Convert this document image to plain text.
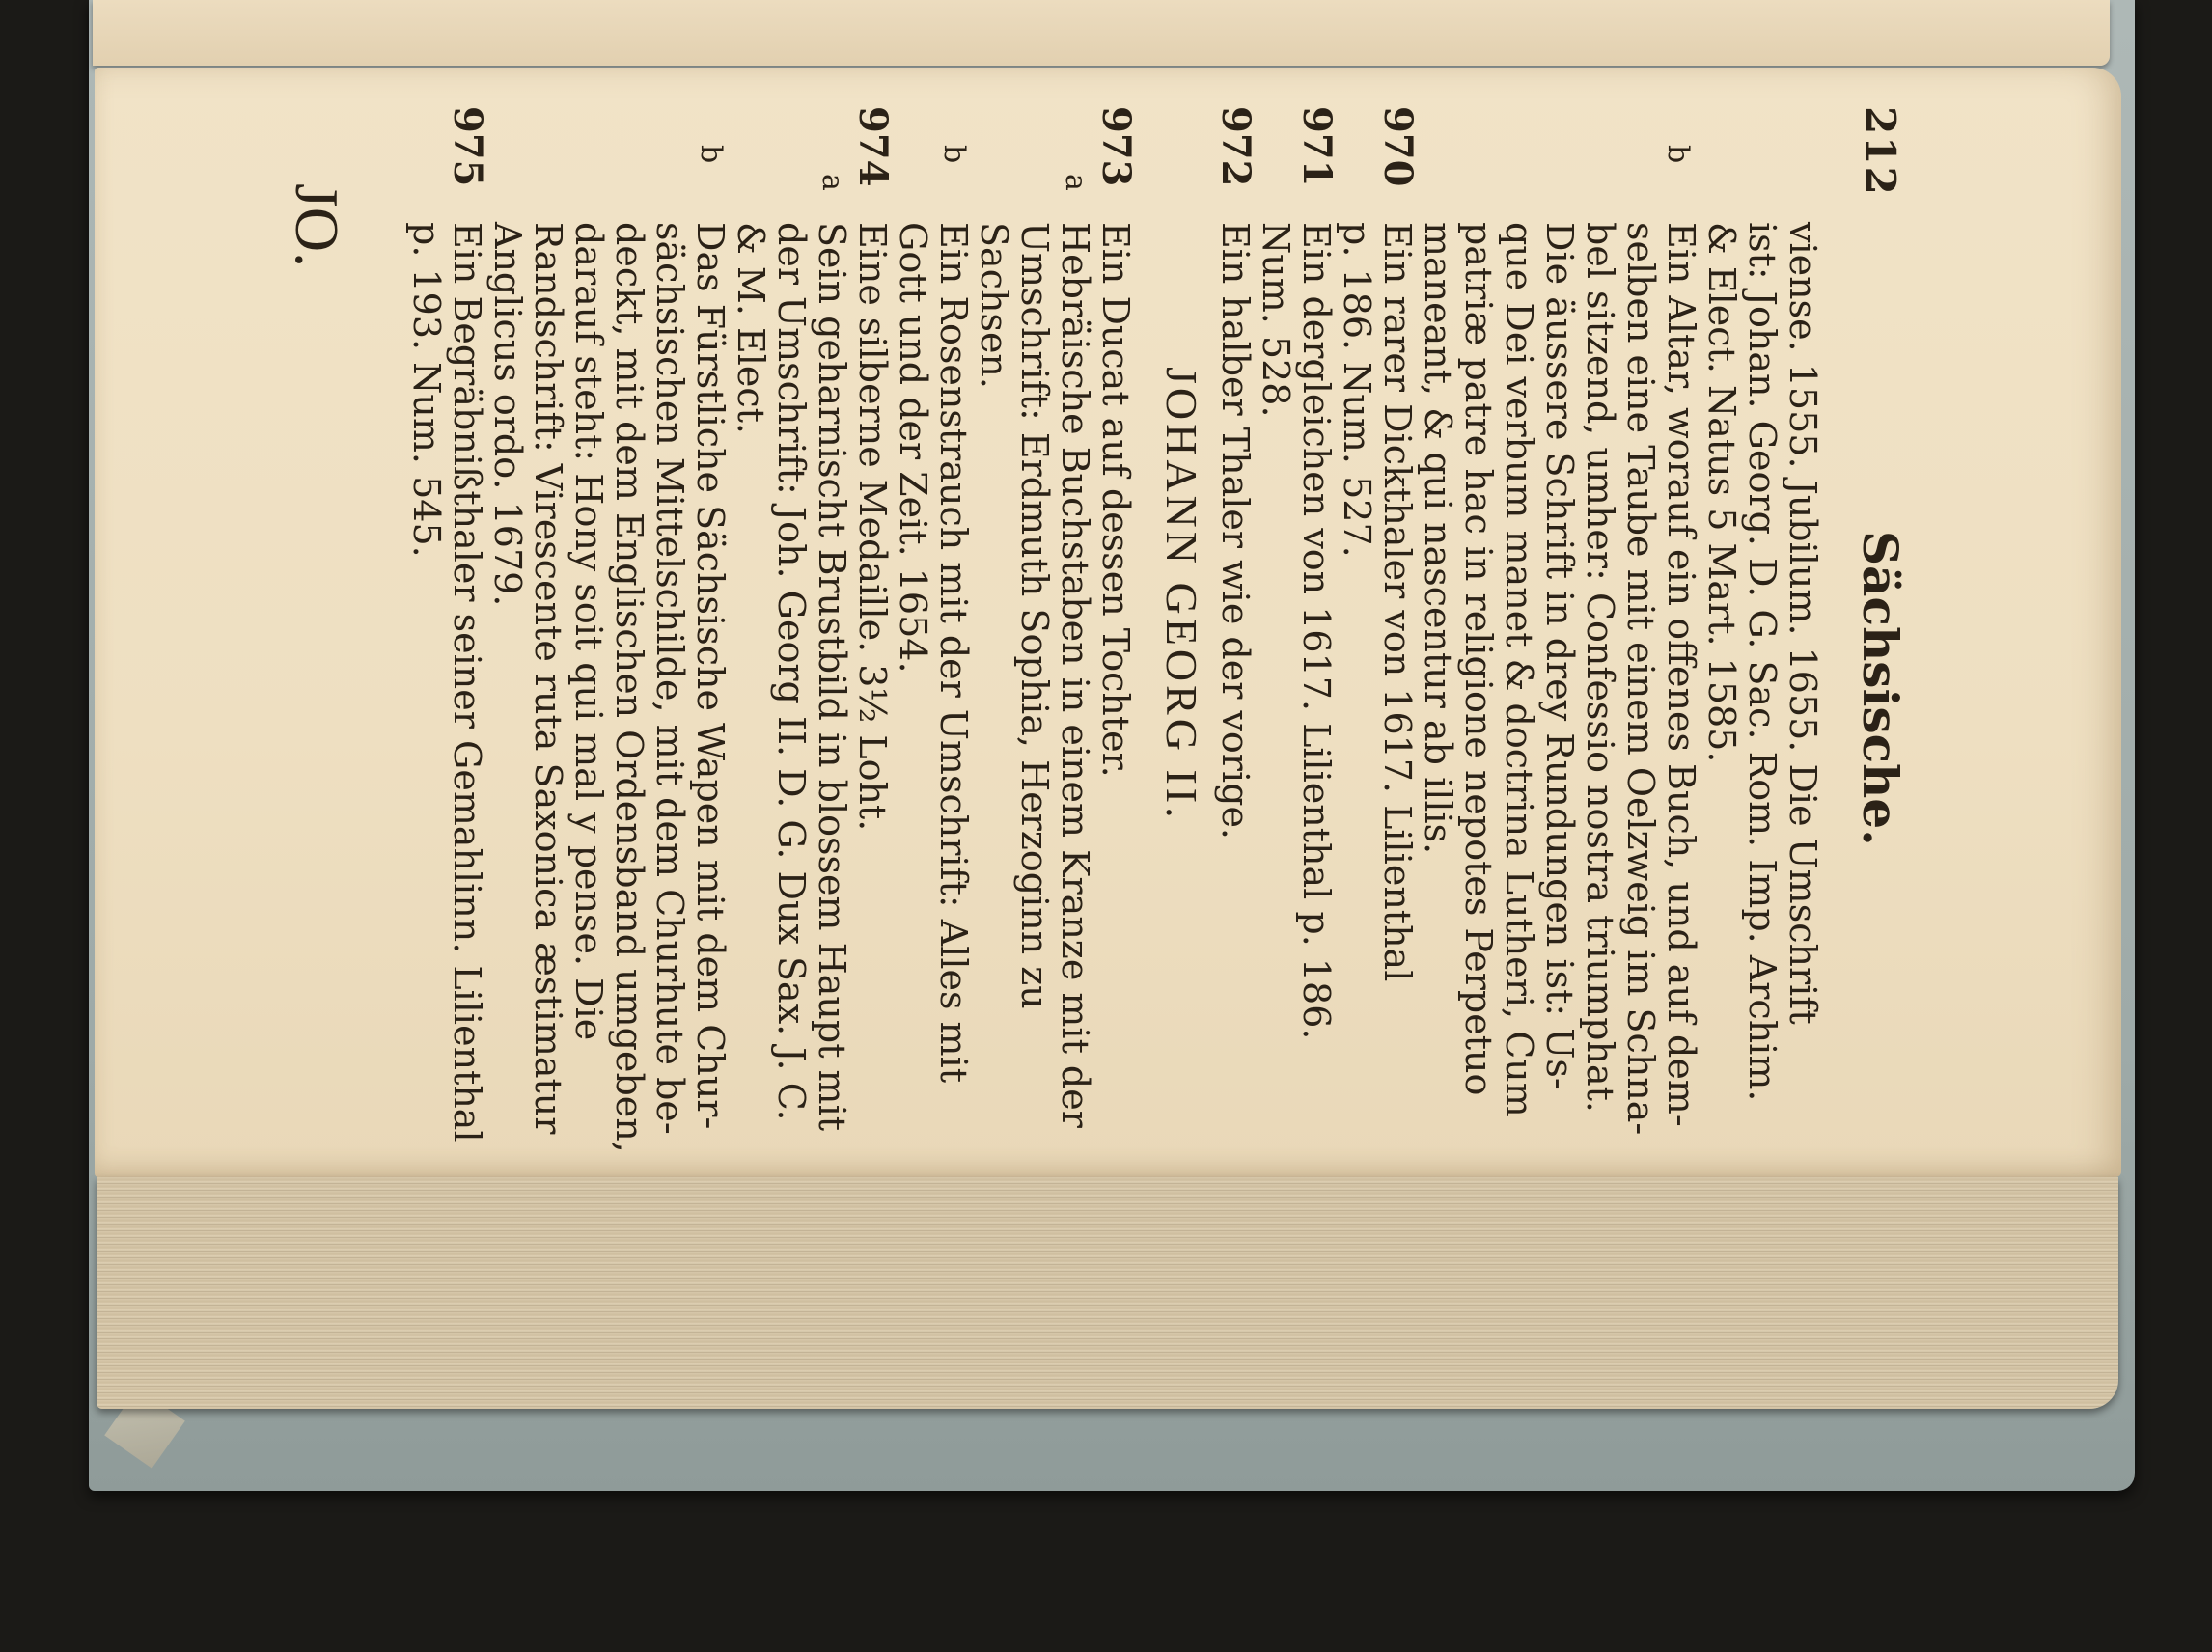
212
Sächsische.
viense. 1555. Jubilum. 1655. Die Umschrift
ist: Johan. Georg. D. G. Sac. Rom. Imp. Archim.
& Elect. Natus 5 Mart. 1585.
Ein Altar, worauf ein offenes Buch, und auf dem-
selben eine Taube mit einem Oelzweig im Schna-
bel sitzend, umher: Confessio nostra triumphat.
Die äussere Schrift in drey Rundungen ist: Us-
que Dei verbum manet & doctrina Lutheri, Cum
patriæ patre hac in religione nepotes Perpetuo
maneant, & qui nascentur ab illis.
Ein rarer Dickthaler von 1617. Lilienthal
p. 186. Num. 527.
Ein dergleichen von 1617. Lilienthal p. 186.
Num. 528.
Ein halber Thaler wie der vorige.
JOHANN GEORG II.
Ein Ducat auf dessen Tochter.
Hebräische Buchstaben in einem Kranze mit der
Umschrift: Erdmuth Sophia, Herzoginn zu
Sachsen.
Ein Rosenstrauch mit der Umschrift: Alles mit
Gott und der Zeit. 1654.
Eine silberne Medaille. 3½ Loht.
Sein geharnischt Brustbild in blossem Haupt mit
der Umschrift: Joh. Georg II. D. G. Dux Sax. J. C.
& M. Elect.
Das Fürstliche Sächsische Wapen mit dem Chur-
sächsischen Mittelschilde, mit dem Churhute be-
deckt, mit dem Englischen Ordensband umgeben,
darauf steht: Hony soit qui mal y pense. Die
Randschrift: Virescente ruta Saxonica æstimatur
Anglicus ordo. 1679.
Ein Begräbnißthaler seiner Gemahlinn. Lilienthal
p. 193. Num. 545.
b
970
971
972
973
a
b
974
a
b
975
JO.
